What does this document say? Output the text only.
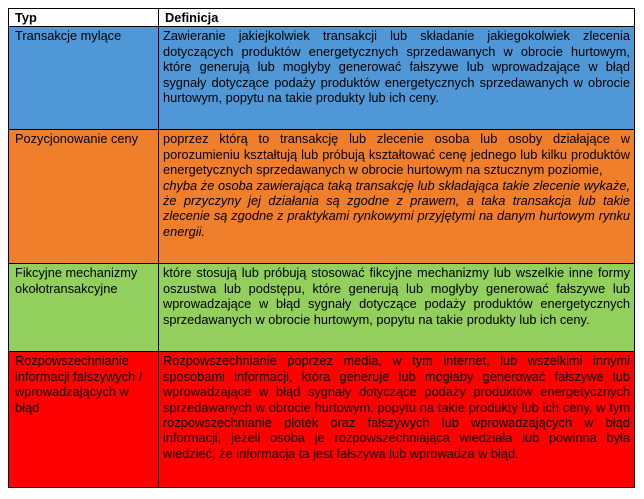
Typ	Definicja
Transakcje mylące	Zawieranie jakiejkolwiek transakcji lub składanie jakiegokolwiek zlecenia dotyczących produktów energetycznych sprzedawanych w obrocie hurtowym, które generują lub mogłyby generować fałszywe lub wprowadzające w błąd sygnały dotyczące podaży produktów energetycznych sprzedawanych w obrocie hurtowym, popytu na takie produkty lub ich ceny.

Pozycjonowanie ceny	poprzez którą to transakcję lub zlecenie osoba lub osoby działające w porozumieniu kształtują lub próbują kształtować cenę jednego lub kilku produktów energetycznych sprzedawanych w obrocie hurtowym na sztucznym poziomie,

chyba że osoba zawierająca taką transakcję lub składająca takie zlecenie wykaże, że przyczyny jej działania są zgodne z prawem, a taka transakcja lub takie zlecenie są zgodne z praktykami rynkowymi przyjętymi na danym hurtowym rynku energii.

Fikcyjne mechanizmy okołotransakcyjne	które stosują lub próbują stosować fikcyjne mechanizmy lub wszelkie inne formy oszustwa lub podstępu, które generują lub mogłyby generować fałszywe lub wprowadzające w błąd sygnały dotyczące podaży produktów energetycznych sprzedawanych w obrocie hurtowym, popytu na takie produkty lub ich ceny.

Rozpowszechnianie informacji fałszywych / wprowadzających w błąd	Rozpowszechnianie poprzez media, w tym internet, lub wszelkimi innymi sposobami informacji, która generuje lub mogłaby generować fałszywe lub wprowadzające w błąd sygnały dotyczące podaży produktów energetycznych sprzedawanych w obrocie hurtowym, popytu na takie produkty lub ich ceny, w tym rozpowszechnianie plotek oraz fałszywych lub wprowadzających w błąd informacji, jeżeli osoba je rozpowszechniająca wiedziała lub powinna była wiedzieć, że informacja ta jest fałszywa lub wprowadza w błąd.
